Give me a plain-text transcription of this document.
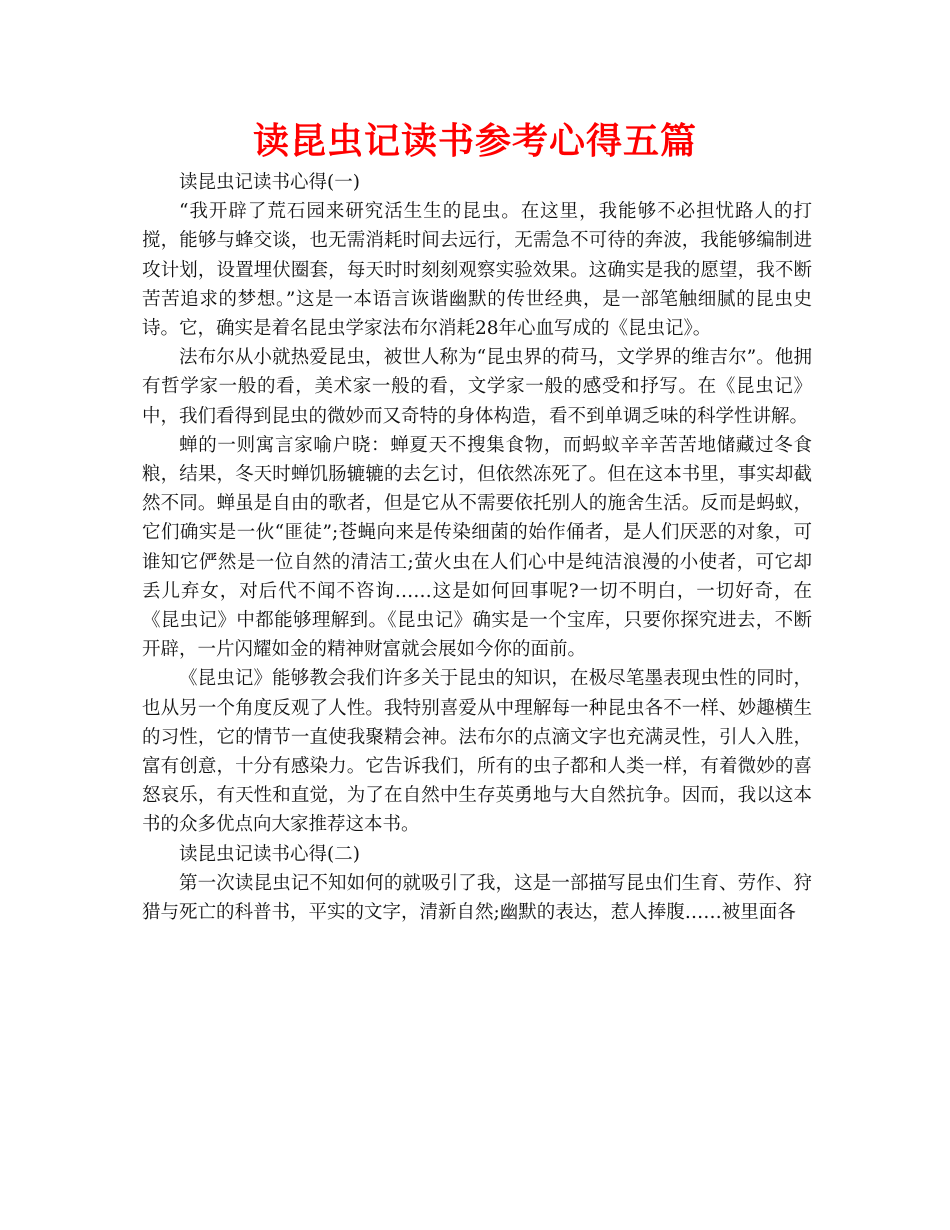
读昆虫记读书参考心得五篇

读昆虫记读书心得(一)

“我开辟了荒石园来研究活生生的昆虫。在这里，我能够不必担忧路人的打搅，能够与蜂交谈，也无需消耗时间去远行，无需急不可待的奔波，我能够编制进攻计划，设置埋伏圈套，每天时时刻刻观察实验效果。这确实是我的愿望，我不断苦苦追求的梦想。”这是一本语言诙谐幽默的传世经典，是一部笔触细腻的昆虫史诗。它，确实是着名昆虫学家法布尔消耗28年心血写成的《昆虫记》。

法布尔从小就热爱昆虫，被世人称为“昆虫界的荷马，文学界的维吉尔”。他拥有哲学家一般的看，美术家一般的看，文学家一般的感受和抒写。在《昆虫记》中，我们看得到昆虫的微妙而又奇特的身体构造，看不到单调乏味的科学性讲解。

蝉的一则寓言家喻户晓：蝉夏天不搜集食物，而蚂蚁辛辛苦苦地储藏过冬食粮，结果，冬天时蝉饥肠辘辘的去乞讨，但依然冻死了。但在这本书里，事实却截然不同。蝉虽是自由的歌者，但是它从不需要依托别人的施舍生活。反而是蚂蚁，它们确实是一伙“匪徒”;苍蝇向来是传染细菌的始作俑者，是人们厌恶的对象，可谁知它俨然是一位自然的清洁工;萤火虫在人们心中是纯洁浪漫的小使者，可它却丢儿弃女，对后代不闻不咨询……这是如何回事呢?一切不明白，一切好奇，在《昆虫记》中都能够理解到。《昆虫记》确实是一个宝库，只要你探究进去，不断开辟，一片闪耀如金的精神财富就会展如今你的面前。

《昆虫记》能够教会我们许多关于昆虫的知识，在极尽笔墨表现虫性的同时，也从另一个角度反观了人性。我特别喜爱从中理解每一种昆虫各不一样、妙趣横生的习性，它的情节一直使我聚精会神。法布尔的点滴文字也充满灵性，引人入胜，富有创意，十分有感染力。它告诉我们，所有的虫子都和人类一样，有着微妙的喜怒哀乐，有天性和直觉，为了在自然中生存英勇地与大自然抗争。因而，我以这本书的众多优点向大家推荐这本书。

读昆虫记读书心得(二)

第一次读昆虫记不知如何的就吸引了我，这是一部描写昆虫们生育、劳作、狩猎与死亡的科普书，平实的文字，清新自然;幽默的表达，惹人捧腹……被里面各
